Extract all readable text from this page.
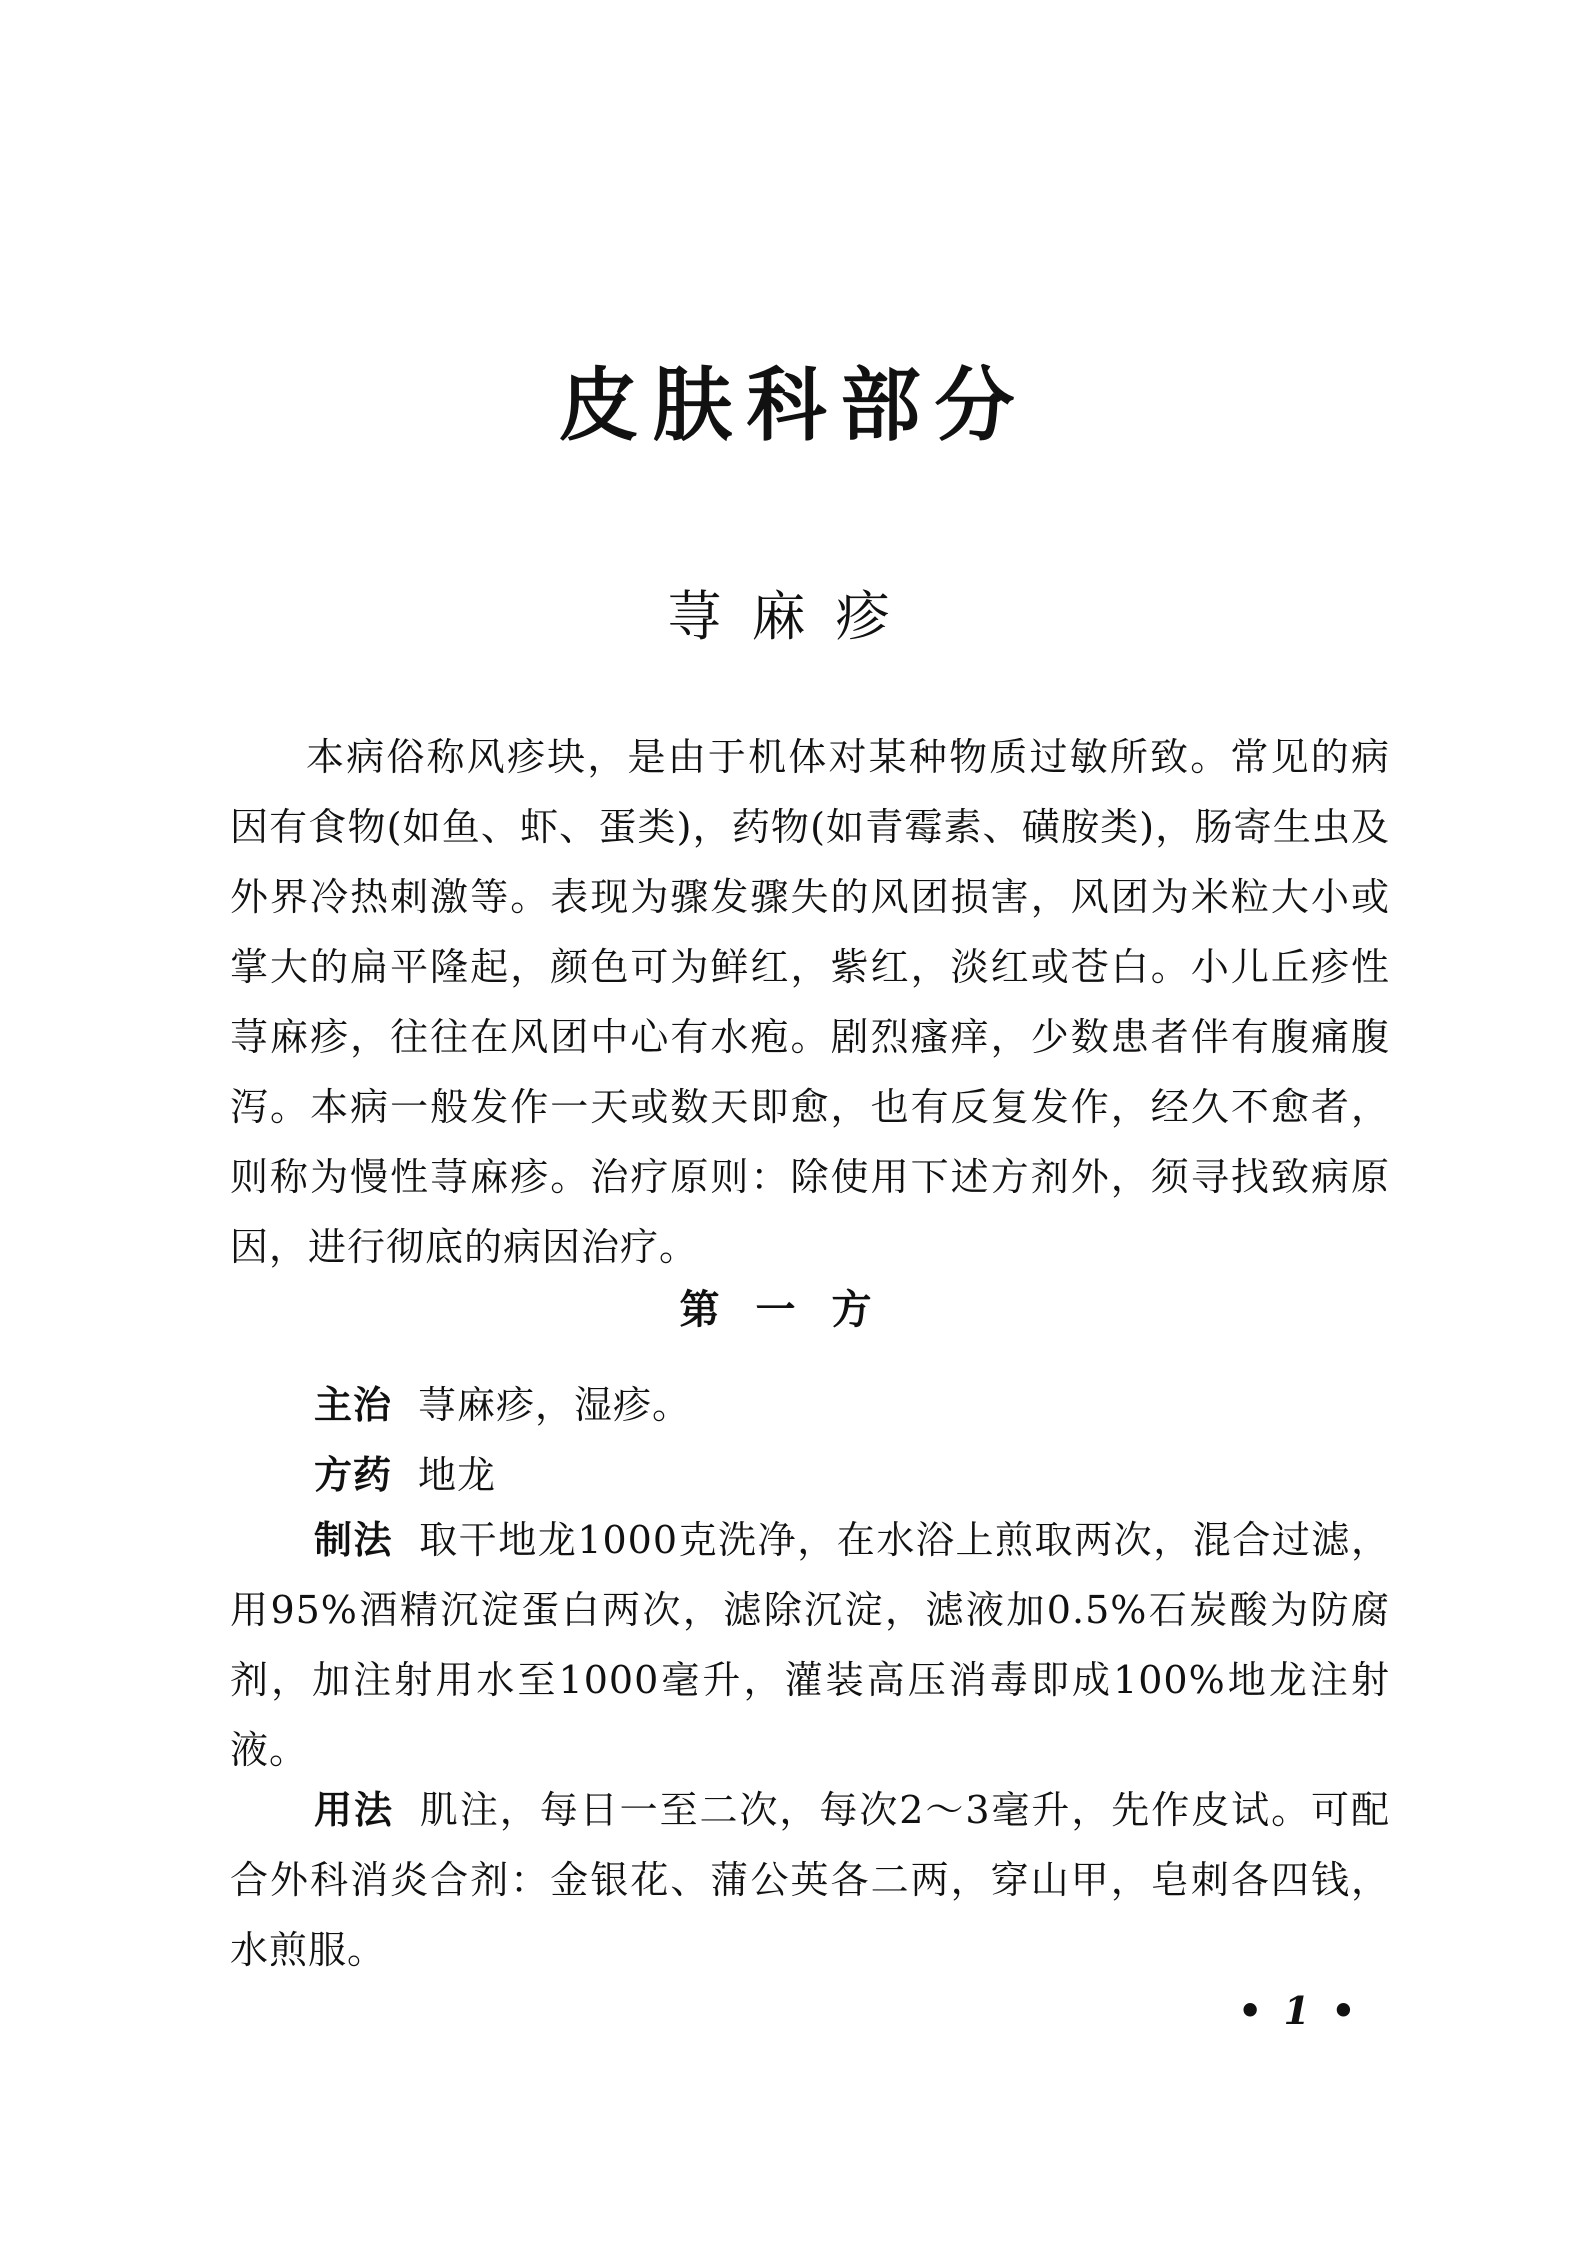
皮肤科部分
荨麻疹

本病俗称风疹块，是由于机体对某种物质过敏所致。常见的病因有食物(如鱼、虾、蛋类)，药物(如青霉素、磺胺类)，肠寄生虫及外界冷热刺激等。表现为骤发骤失的风团损害，风团为米粒大小或掌大的扁平隆起，颜色可为鲜红，紫红，淡红或苍白。小儿丘疹性荨麻疹，往往在风团中心有水疱。剧烈瘙痒，少数患者伴有腹痛腹泻。本病一般发作一天或数天即愈，也有反复发作，经久不愈者，则称为慢性荨麻疹。治疗原则：除使用下述方剂外，须寻找致病原因，进行彻底的病因治疗。

第一方

主治 荨麻疹，湿疹。

方药 地龙

制法 取干地龙1000克洗净，在水浴上煎取两次，混合过滤，用95%酒精沉淀蛋白两次，滤除沉淀，滤液加0.5%石炭酸为防腐剂，加注射用水至1000毫升，灌装高压消毒即成100%地龙注射液。

用法 肌注，每日一至二次，每次2～3毫升，先作皮试。可配合外科消炎合剂：金银花、蒲公英各二两，穿山甲，皂刺各四钱，水煎服。

• 1 •
